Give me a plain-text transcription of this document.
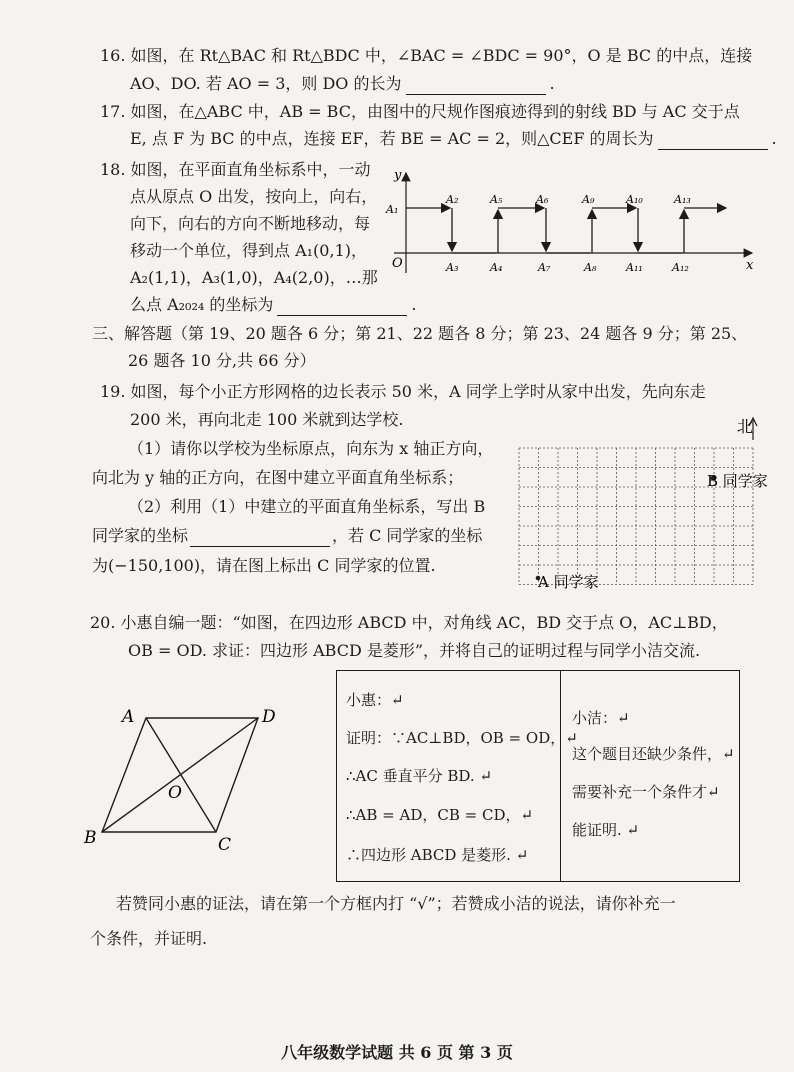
16. 如图，在 Rt△BAC 和 Rt△BDC 中，∠BAC = ∠BDC = 90°，O 是 BC 的中点，连接
AO、DO. 若 AO = 3，则 DO 的长为	.
17. 如图，在△ABC 中，AB = BC，由图中的尺规作图痕迹得到的射线 BD 与 AC 交于点
E, 点 F 为 BC 的中点，连接 EF，若 BE = AC = 2，则△CEF 的周长为	.
18. 如图，在平面直角坐标系中，一动
点从原点 O 出发，按向上，向右，
向下，向右的方向不断地移动，每
移动一个单位，得到点 A₁(0,1)，
A₂(1,1)，A₃(1,0)，A₄(2,0)，…那
么点 A₂₀₂₄ 的坐标为	.
x
y
O
A₁
A₂	A₅	A₆	A₉	A₁₀	A₁₃
A₃	A₄	A₇	A₈	A₁₁	A₁₂
三、解答题（第 19、20 题各 6 分；第 21、22 题各 8 分；第 23、24 题各 9 分；第 25、
26 题各 10 分,共 66 分）
19. 如图，每个小正方形网格的边长表示 50 米，A 同学上学时从家中出发，先向东走
200 米，再向北走 100 米就到达学校.
（1）请你以学校为坐标原点，向东为 x 轴正方向，
向北为 y 轴的正方向，在图中建立平面直角坐标系；
（2）利用（1）中建立的平面直角坐标系，写出 B
同学家的坐标	，若 C 同学家的坐标
为(−150,100)，请在图上标出 C 同学家的位置.
北
B 同学家
A 同学家
20. 小惠自编一题：“如图，在四边形 ABCD 中，对角线 AC，BD 交于点 O，AC⊥BD，
OB = OD. 求证：四边形 ABCD 是菱形”，并将自己的证明过程与同学小洁交流.
A	D
B	C
O
小惠：↵
证明：∵AC⊥BD，OB = OD，↵
∴AC 垂直平分 BD. ↵
∴AB = AD，CB = CD，↵
∴四边形 ABCD 是菱形. ↵
小洁：↵
这个题目还缺少条件，↵
需要补充一个条件才↵
能证明. ↵
若赞同小惠的证法，请在第一个方框内打 “√”；若赞成小洁的说法，请你补充一
个条件，并证明.
八年级数学试题 共 6 页 第 3 页
